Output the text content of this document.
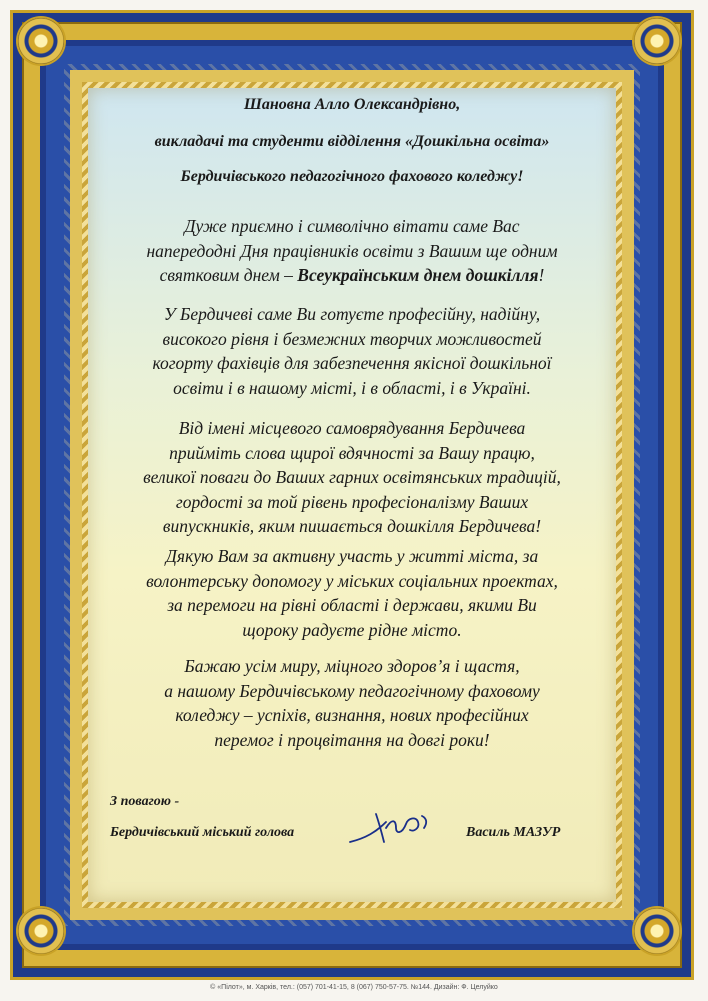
Шановна Алло Олександрівно,
викладачі та студенти відділення «Дошкільна освіта»
Бердичівського педагогічного фахового коледжу!
Дуже приємно і символічно вітати саме Вас
напередодні Дня працівників освіти з Вашим ще одним
святковим днем – Всеукраїнським днем дошкілля!
У Бердичеві саме Ви готуєте професійну, надійну,
високого рівня і безмежних творчих можливостей
когорту фахівців для забезпечення якісної дошкільної
освіти і в нашому місті, і в області, і в Україні.
Від імені місцевого самоврядування Бердичева
прийміть слова щирої вдячності за Вашу працю,
великої поваги до Ваших гарних освітянських традицій,
гордості за той рівень професіоналізму Ваших
випускників, яким пишається дошкілля Бердичева!
Дякую Вам за активну участь у житті міста, за
волонтерську допомогу у міських соціальних проектах,
за перемоги на рівні області і держави, якими Ви
щороку радуєте рідне місто.
Бажаю усім миру, міцного здоров’я і щастя,
а нашому Бердичівському педагогічному фаховому
коледжу – успіхів, визнання, нових професійних
перемог і процвітання на довгі роки!
З повагою -
Бердичівський міський голова	Василь МАЗУР
© «Пілот», м. Харків, тел.: (057) 701-41-15, 8 (067) 750-57-75. №144. Дизайн: Ф. Целуйко
